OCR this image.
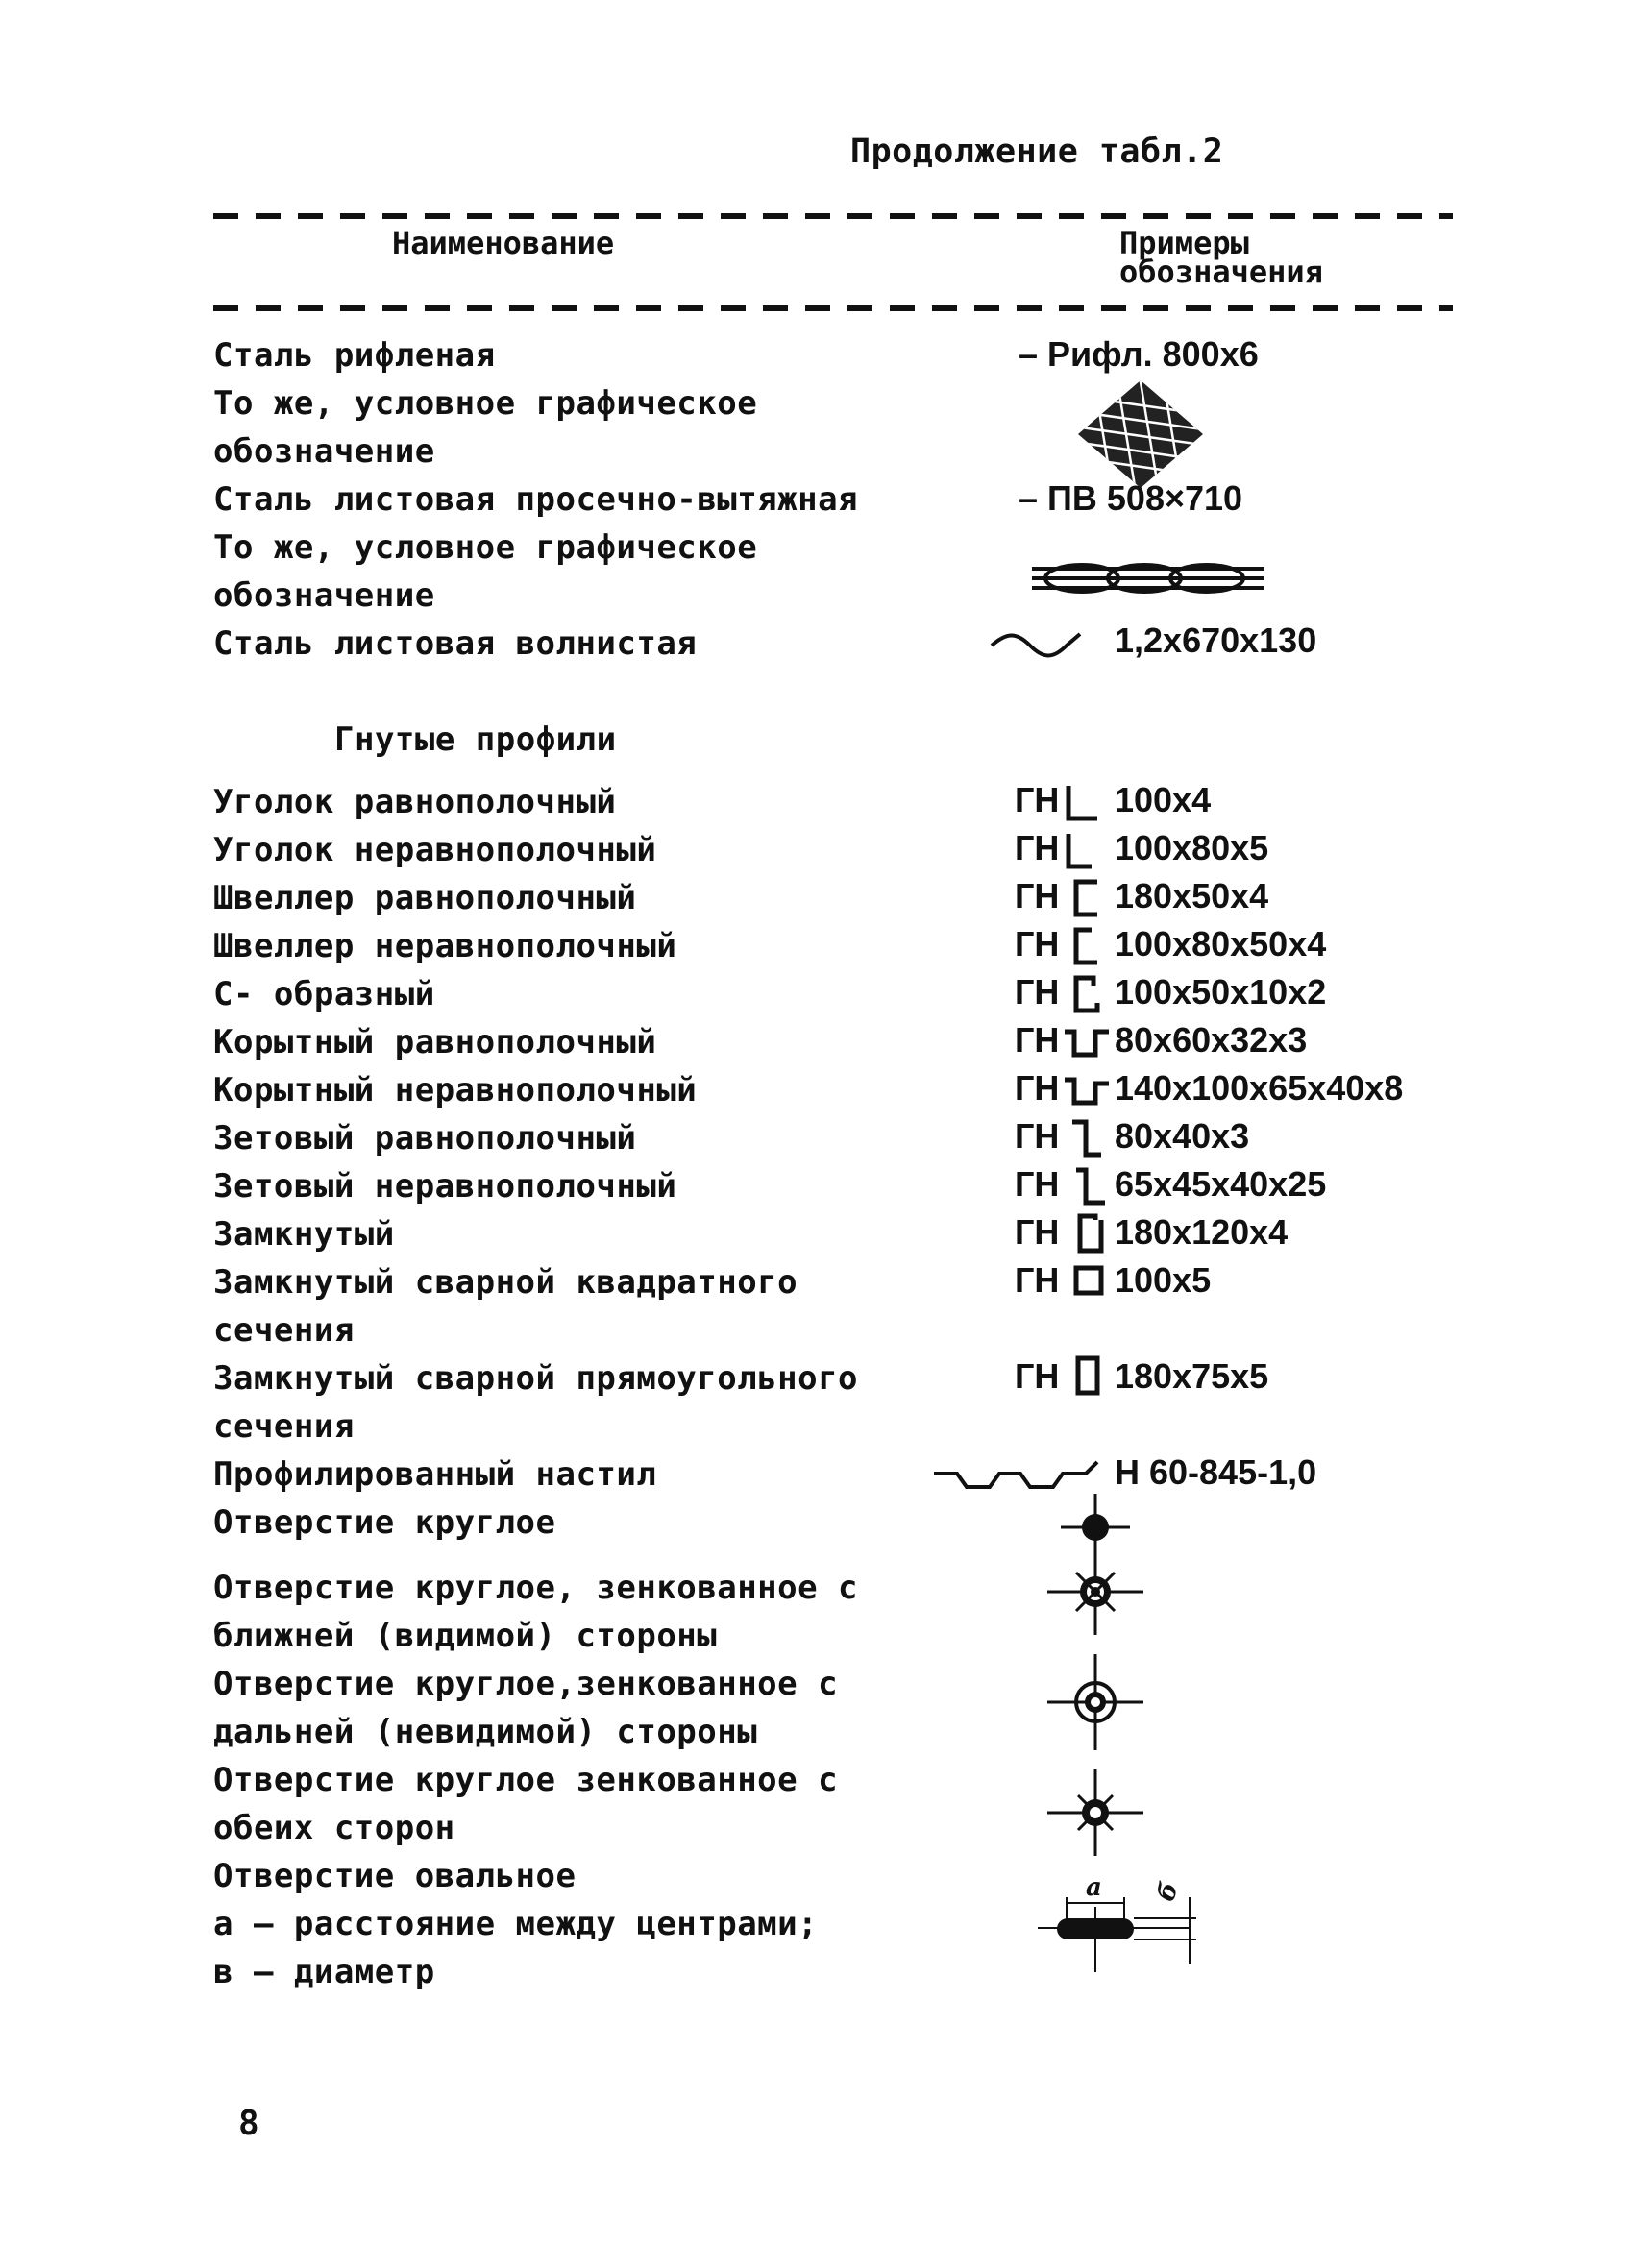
Продолжение табл.2
Наименование	Примеры
обозначения
Сталь рифленая	– Рифл. 800х6
То же, условное графическое
обозначение
Сталь листовая просечно-вытяжная	– ПВ 508×710
То же, условное графическое
обозначение
Сталь листовая волнистая	1,2х670х130
Гнутые профили
Уголок равнополочный	ГН 100х4
Уголок неравнополочный	ГН 100х80х5
Швеллер равнополочный	ГН 180х50х4
Швеллер неравнополочный	ГН 100х80х50х4
С- образный	ГН 100х50х10х2
Корытный равнополочный	ГН 80х60х32х3
Корытный неравнополочный	ГН 140х100х65х40х8
Зетовый равнополочный	ГН 80х40х3
Зетовый неравнополочный	ГН 65х45х40х25
Замкнутый	ГН 180х120х4
Замкнутый сварной квадратного	ГН 100х5
сечения
Замкнутый сварной прямоугольного	ГН 180х75х5
сечения
Профилированный настил	Н 60-845-1,0
Отверстие круглое
Отверстие круглое, зенкованное с
ближней (видимой) стороны
Отверстие круглое,зенкованное с
дальней (невидимой) стороны
Отверстие круглое зенкованное с
обеих сторон
Отверстие овальное
а – расстояние между центрами;
в – диаметр
а б
8
